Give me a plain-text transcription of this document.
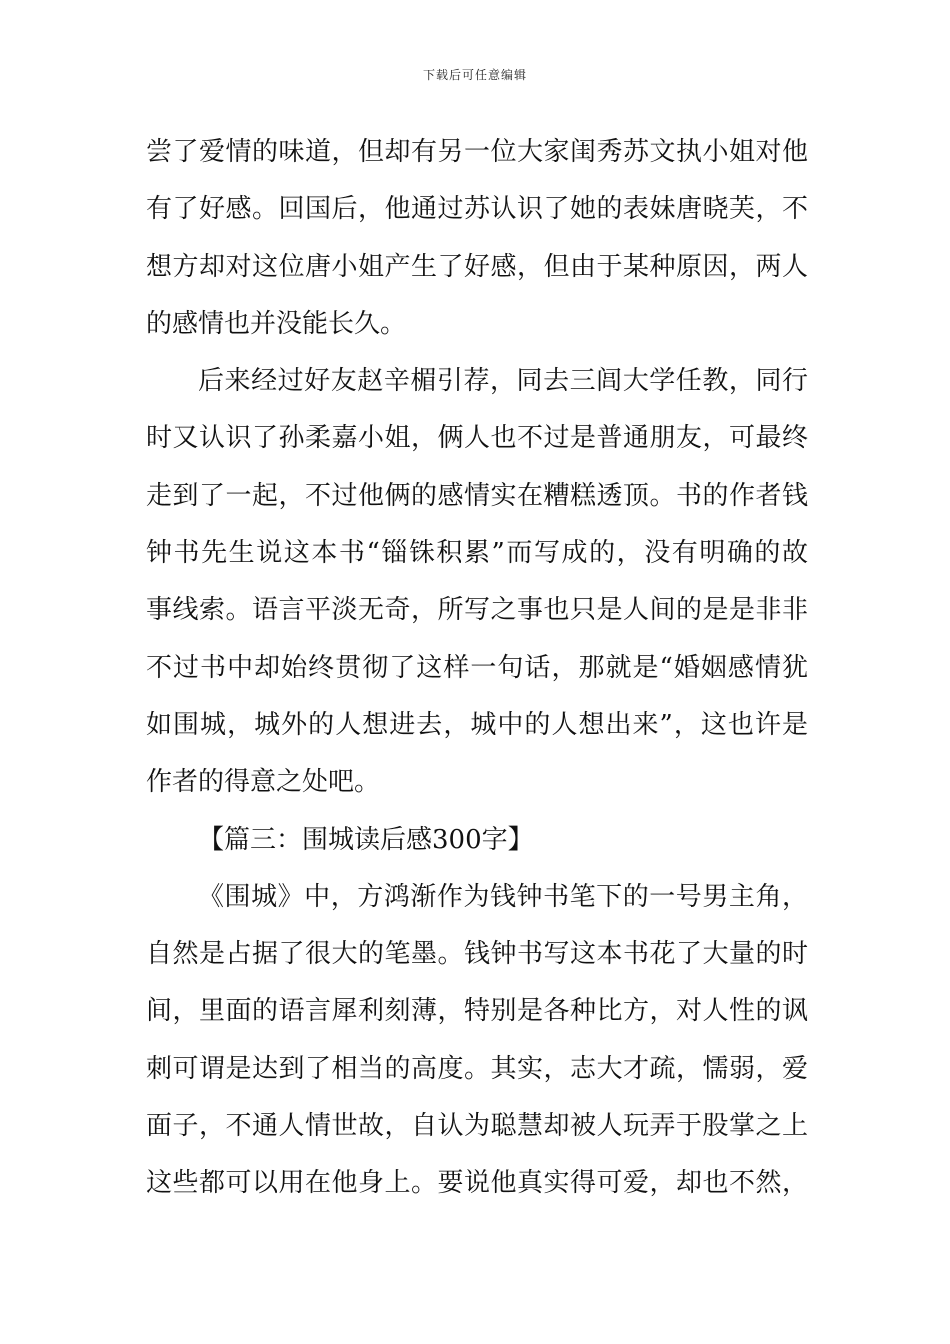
下载后可任意编辑
尝了爱情的味道，但却有另一位大家闺秀苏文执小姐对他
有了好感。回国后，他通过苏认识了她的表妹唐晓芙，不
想方却对这位唐小姐产生了好感，但由于某种原因，两人
的感情也并没能长久。
后来经过好友赵辛楣引荐，同去三闾大学任教，同行
时又认识了孙柔嘉小姐，俩人也不过是普通朋友，可最终
走到了一起，不过他俩的感情实在糟糕透顶。书的作者钱
钟书先生说这本书“锱铢积累”而写成的，没有明确的故
事线索。语言平淡无奇，所写之事也只是人间的是是非非
不过书中却始终贯彻了这样一句话，那就是“婚姻感情犹
如围城，城外的人想进去，城中的人想出来”，这也许是
作者的得意之处吧。
【篇三：围城读后感300字】
《围城》中，方鸿渐作为钱钟书笔下的一号男主角，
自然是占据了很大的笔墨。钱钟书写这本书花了大量的时
间，里面的语言犀利刻薄，特别是各种比方，对人性的讽
刺可谓是达到了相当的高度。其实，志大才疏，懦弱，爱
面子，不通人情世故，自认为聪慧却被人玩弄于股掌之上
这些都可以用在他身上。要说他真实得可爱，却也不然，
